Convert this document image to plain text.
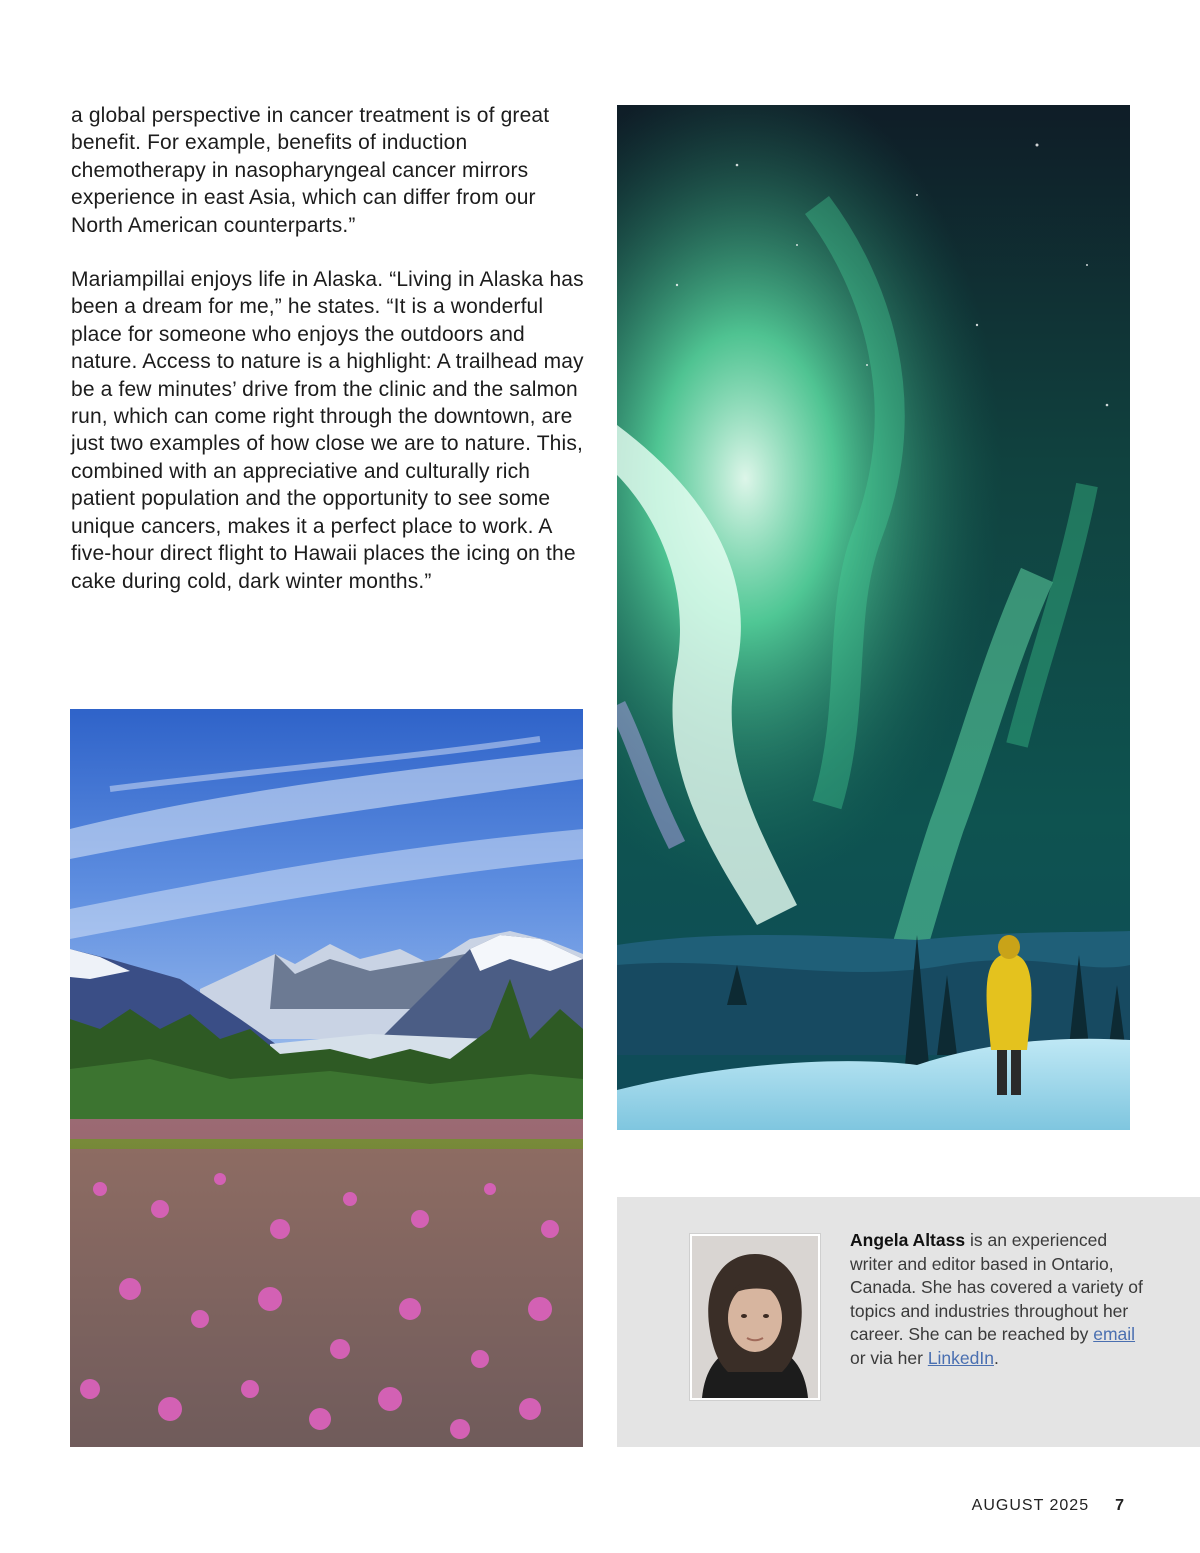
a global perspective in cancer treatment is of great benefit. For example, benefits of induction chemotherapy in nasopharyngeal cancer mirrors experience in east Asia, which can differ from our North American counterparts.”

Mariampillai enjoys life in Alaska. “Living in Alaska has been a dream for me,” he states. “It is a wonderful place for someone who enjoys the outdoors and nature. Access to nature is a highlight: A trailhead may be a few minutes’ drive from the clinic and the salmon run, which can come right through the downtown, are just two examples of how close we are to nature. This, combined with an appreciative and culturally rich patient population and the opportunity to see some unique cancers, makes it a perfect place to work. A five-hour direct flight to Hawaii places the icing on the cake during cold, dark winter months.”

Angela Altass is an experienced writer and editor based in Ontario, Canada. She has covered a variety of topics and industries throughout her career. She can be reached by email or via her LinkedIn.
AUGUST 2025 7
